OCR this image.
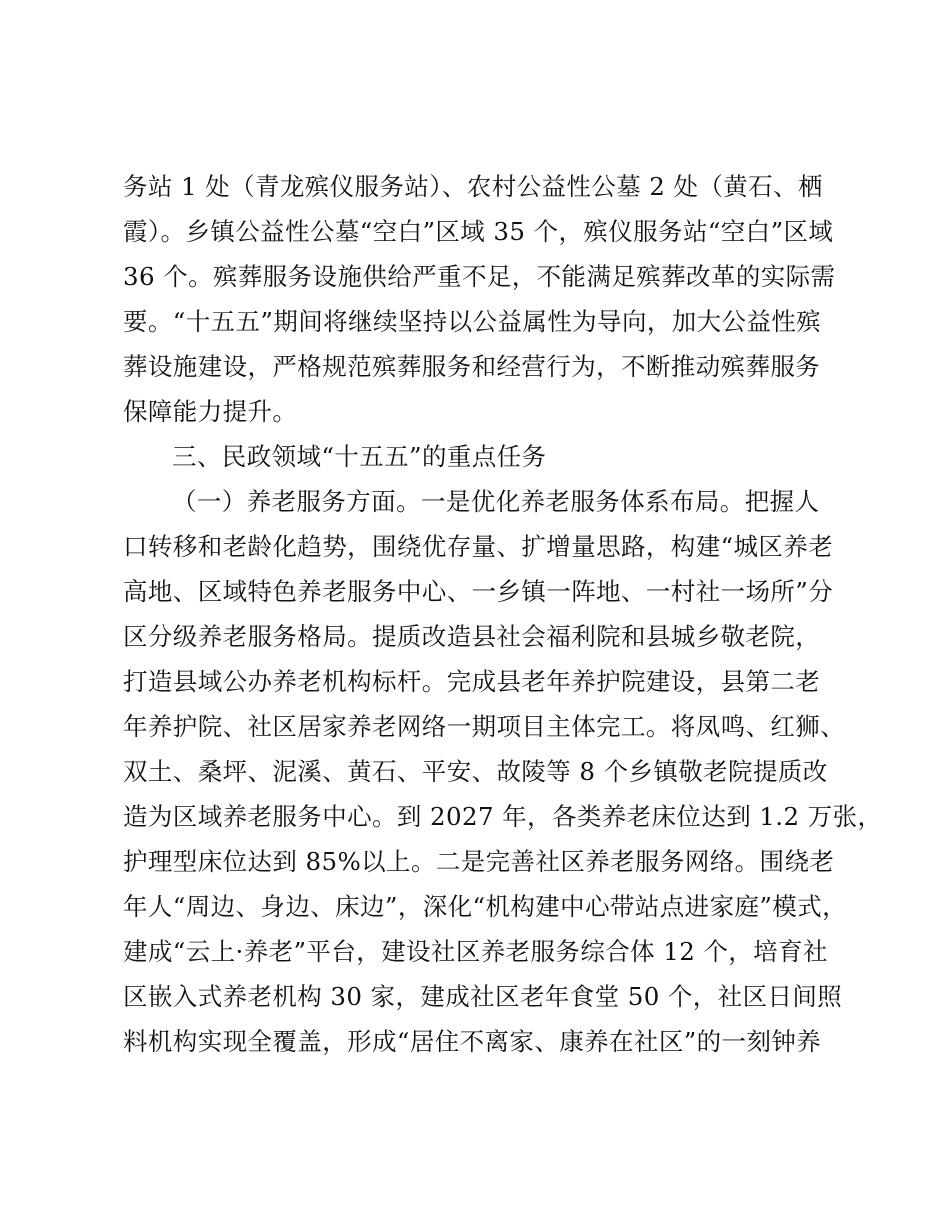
务站 1 处（青龙殡仪服务站）、农村公益性公墓 2 处（黄石、栖
霞）。乡镇公益性公墓“空白”区域 35 个，殡仪服务站“空白”区域
36 个。殡葬服务设施供给严重不足，不能满足殡葬改革的实际需
要。“十五五”期间将继续坚持以公益属性为导向，加大公益性殡
葬设施建设，严格规范殡葬服务和经营行为，不断推动殡葬服务
保障能力提升。
三、民政领域“十五五”的重点任务
（一）养老服务方面。一是优化养老服务体系布局。把握人
口转移和老龄化趋势，围绕优存量、扩增量思路，构建“城区养老
高地、区域特色养老服务中心、一乡镇一阵地、一村社一场所”分
区分级养老服务格局。提质改造县社会福利院和县城乡敬老院，
打造县域公办养老机构标杆。完成县老年养护院建设，县第二老
年养护院、社区居家养老网络一期项目主体完工。将凤鸣、红狮、
双土、桑坪、泥溪、黄石、平安、故陵等 8 个乡镇敬老院提质改
造为区域养老服务中心。到 2027 年，各类养老床位达到 1.2 万张，
护理型床位达到 85%以上。二是完善社区养老服务网络。围绕老
年人“周边、身边、床边”，深化“机构建中心带站点进家庭”模式，
建成“云上·养老”平台，建设社区养老服务综合体 12 个，培育社
区嵌入式养老机构 30 家，建成社区老年食堂 50 个，社区日间照
料机构实现全覆盖，形成“居住不离家、康养在社区”的一刻钟养
